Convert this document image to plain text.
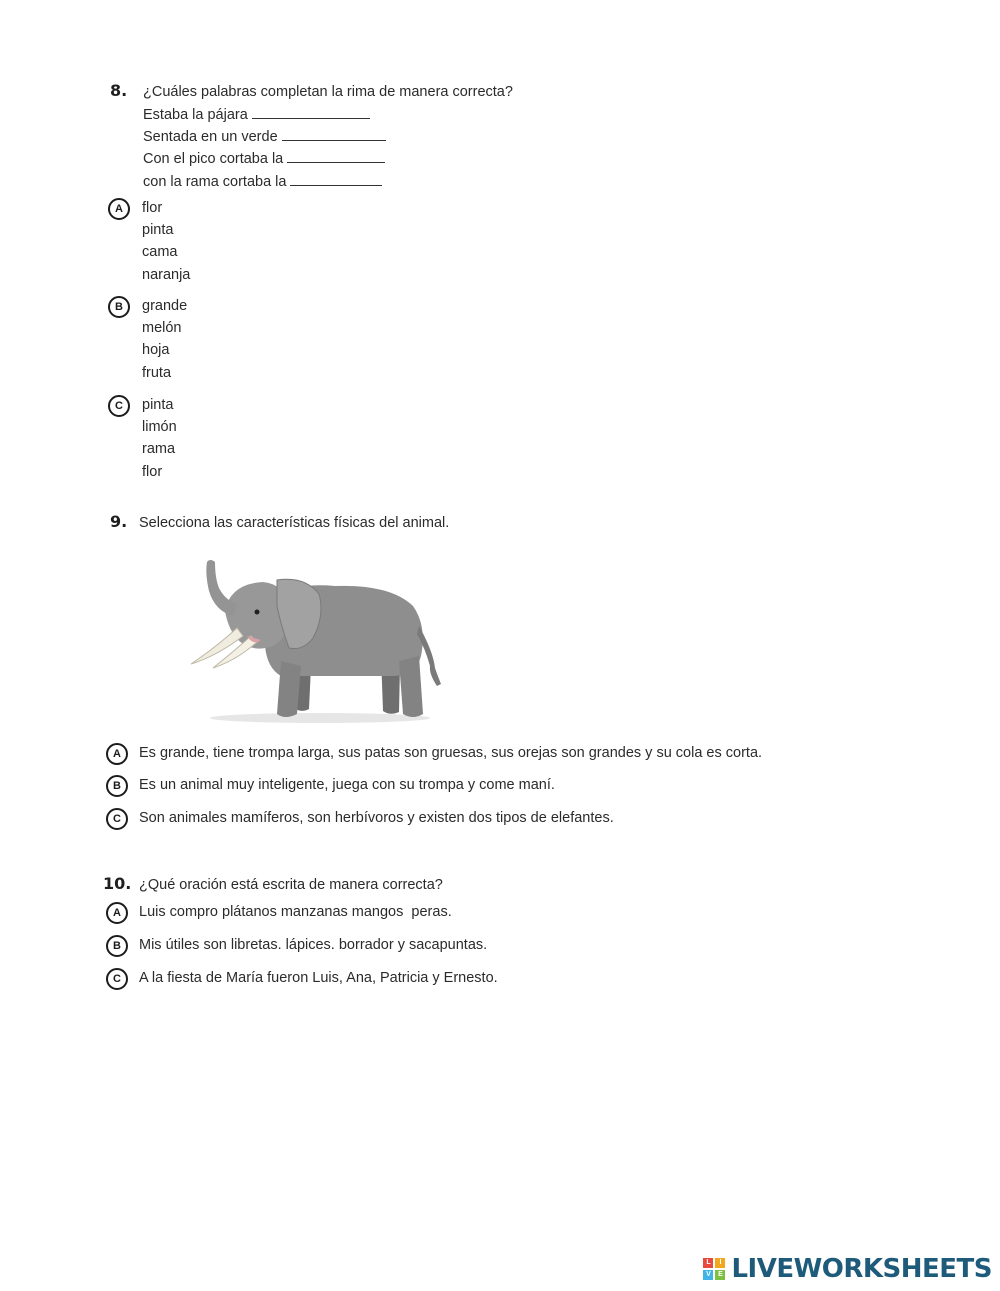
8. ¿Cuáles palabras completan la rima de manera correcta?
Estaba la pájara
Sentada en un verde
Con el pico cortaba la
con la rama cortaba la
A	flor
pinta
cama
naranja
B	grande
melón
hoja
fruta
C	pinta
limón
rama
flor
9. Selecciona las características físicas del animal.
A	Es grande, tiene trompa larga, sus patas son gruesas, sus orejas son grandes y su cola es corta.
B	Es un animal muy inteligente, juega con su trompa y come maní.
C	Son animales mamíferos, son herbívoros y existen dos tipos de elefantes.
10. ¿Qué oración está escrita de manera correcta?
A	Luis compro plátanos manzanas mangos  peras.
B	Mis útiles son libretas. lápices. borrador y sacapuntas.
C	A la fiesta de María fueron Luis, Ana, Patricia y Ernesto.
L	I
V	E LIVEWORKSHEETS
